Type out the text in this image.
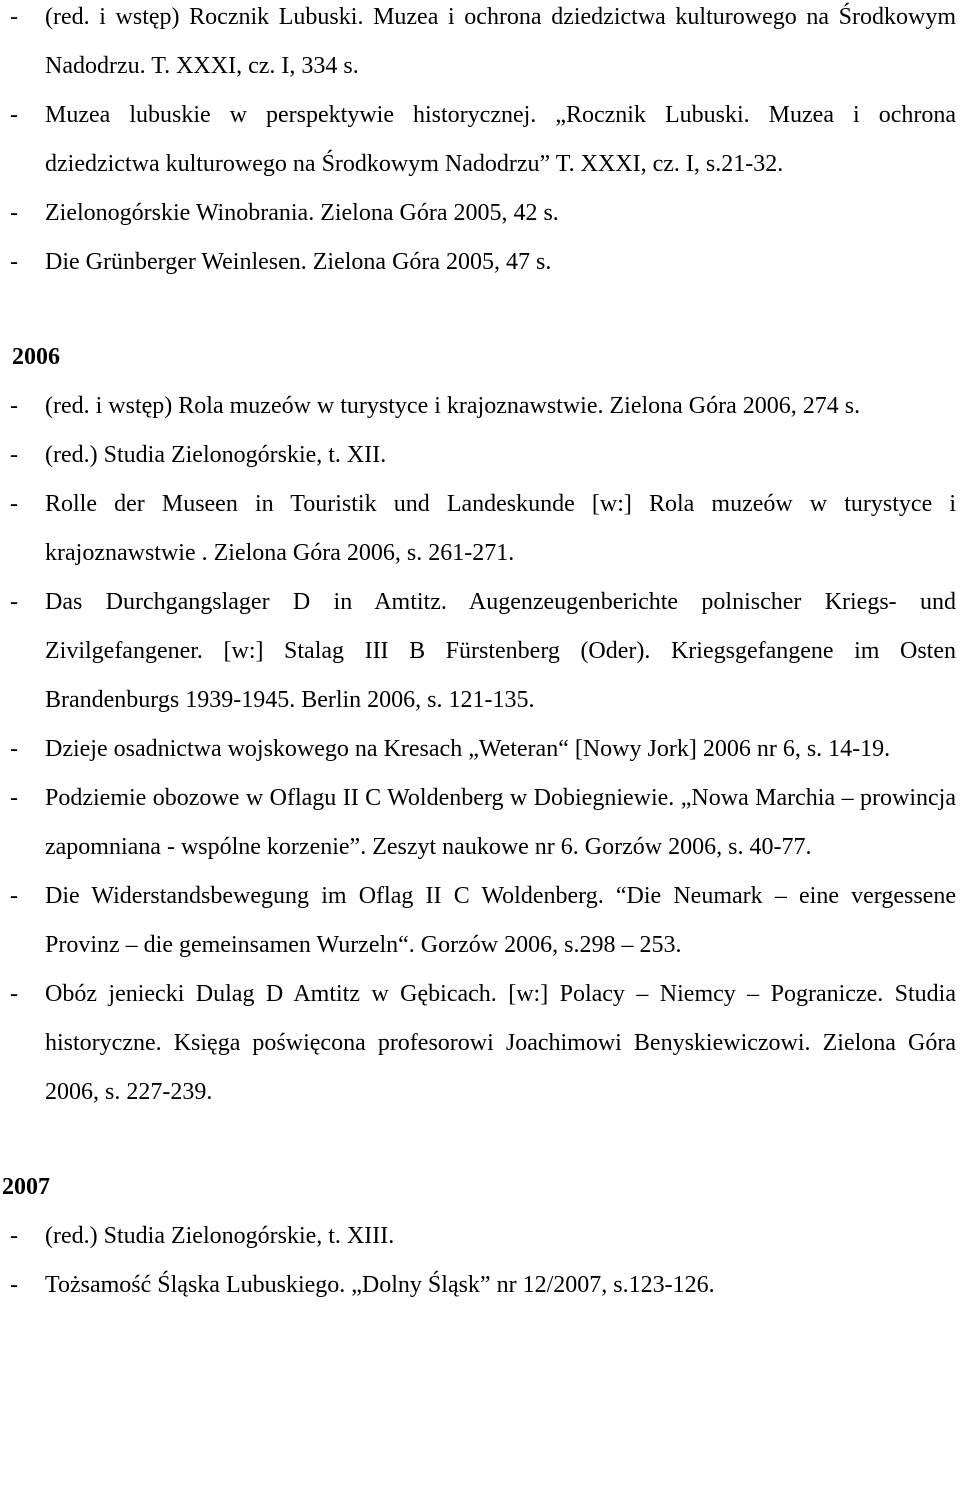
- (red. i wstęp) Rocznik Lubuski. Muzea i ochrona dziedzictwa kulturowego na Środkowym Nadodrzu. T. XXXI, cz. I, 334 s.
- Muzea lubuskie w perspektywie historycznej. „Rocznik Lubuski. Muzea i ochrona dziedzictwa kulturowego na Środkowym Nadodrzu” T. XXXI, cz. I, s.21-32.
- Zielonogórskie Winobrania. Zielona Góra 2005, 42 s.
- Die Grünberger Weinlesen. Zielona Góra 2005, 47 s.
2006
- (red. i wstęp) Rola muzeów w turystyce i krajoznawstwie. Zielona Góra 2006, 274 s.
- (red.) Studia Zielonogórskie, t. XII.
- Rolle der Museen in Touristik und Landeskunde [w:] Rola muzeów w turystyce i krajoznawstwie . Zielona Góra 2006, s. 261-271.
- Das Durchgangslager D in Amtitz. Augenzeugenberichte polnischer Kriegs- und Zivilgefangener. [w:] Stalag III B Fürstenberg (Oder). Kriegsgefangene im Osten Brandenburgs 1939-1945. Berlin 2006, s. 121-135.
- Dzieje osadnictwa wojskowego na Kresach „Weteran“ [Nowy Jork] 2006 nr 6, s. 14-19.
- Podziemie obozowe w Oflagu II C Woldenberg w Dobiegniewie. „Nowa Marchia – prowincja zapomniana - wspólne korzenie”. Zeszyt naukowe nr 6. Gorzów 2006, s. 40-77.
- Die Widerstandsbewegung im Oflag II C Woldenberg. “Die Neumark – eine vergessene Provinz – die gemeinsamen Wurzeln“. Gorzów 2006, s.298 – 253.
- Obóz jeniecki Dulag D Amtitz w Gębicach. [w:] Polacy – Niemcy – Pogranicze. Studia historyczne. Księga poświęcona profesorowi Joachimowi Benyskiewiczowi. Zielona Góra 2006, s. 227-239.
2007
- (red.) Studia Zielonogórskie, t. XIII.
- Tożsamość Śląska Lubuskiego. „Dolny Śląsk” nr 12/2007, s.123-126.
